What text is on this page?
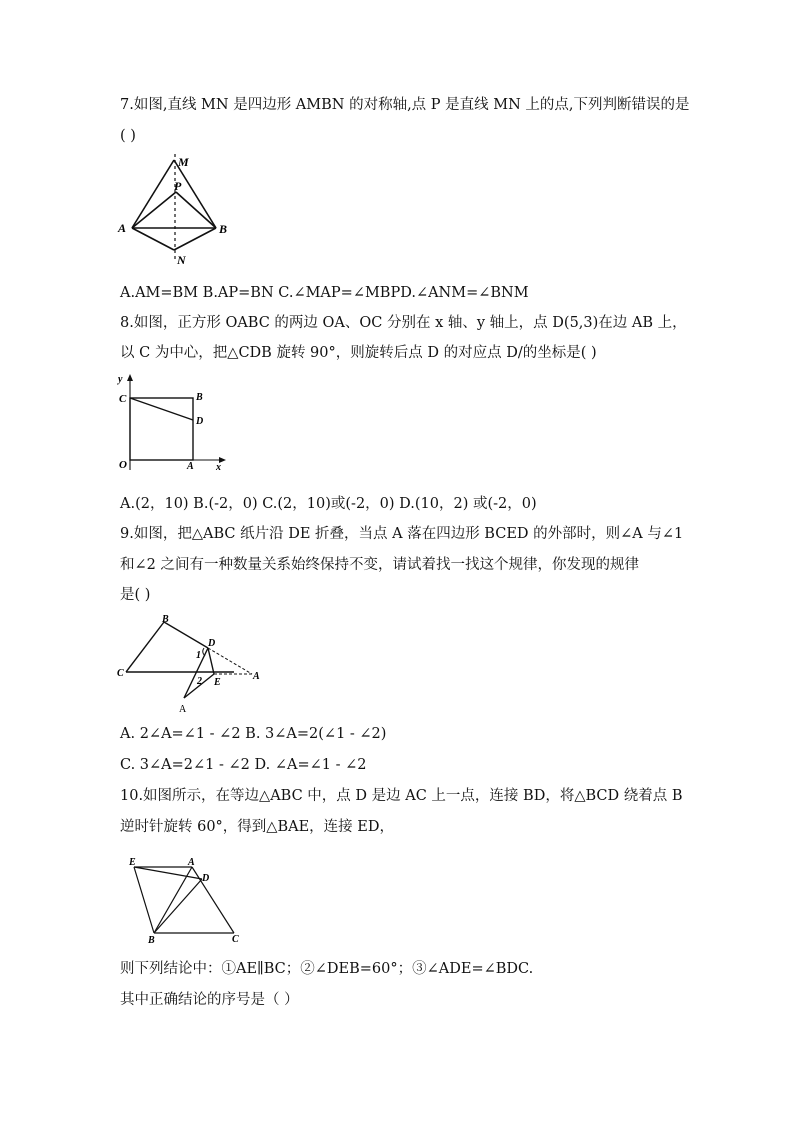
7.如图,直线 MN 是四边形 AMBN 的对称轴,点 P 是直线 MN 上的点,下列判断错误的是
( )
M
P
A	B
N
A.AM=BM B.AP=BN C.∠MAP=∠MBPD.∠ANM=∠BNM
8.如图，正方形 OABC 的两边 OA、OC 分别在 x 轴、y 轴上，点 D(5,3)在边 AB 上，
以 C 为中心，把△CDB 旋转 90°，则旋转后点 D 的对应点 D/的坐标是( )
y
C	B
D
O	A x
A.(2，10) B.(-2，0) C.(2，10)或(-2，0) D.(10，2) 或(-2，0)
9.如图，把△ABC 纸片沿 DE 折叠，当点 A 落在四边形 BCED 的外部时，则∠A 与∠1
和∠2 之间有一种数量关系始终保持不变，请试着找一找这个规律，你发现的规律
是( )
B
D
1
C
2 E
A
A
A. 2∠A=∠1 - ∠2 B. 3∠A=2(∠1 - ∠2)
C. 3∠A=2∠1 - ∠2 D. ∠A=∠1 - ∠2
10.如图所示，在等边△ABC 中，点 D 是边 AC 上一点，连接 BD，将△BCD 绕着点 B
逆时针旋转 60°，得到△BAE，连接 ED，
E	A
D
B	C
则下列结论中：①AE∥BC；②∠DEB=60°；③∠ADE=∠BDC.
其中正确结论的序号是（ ）
